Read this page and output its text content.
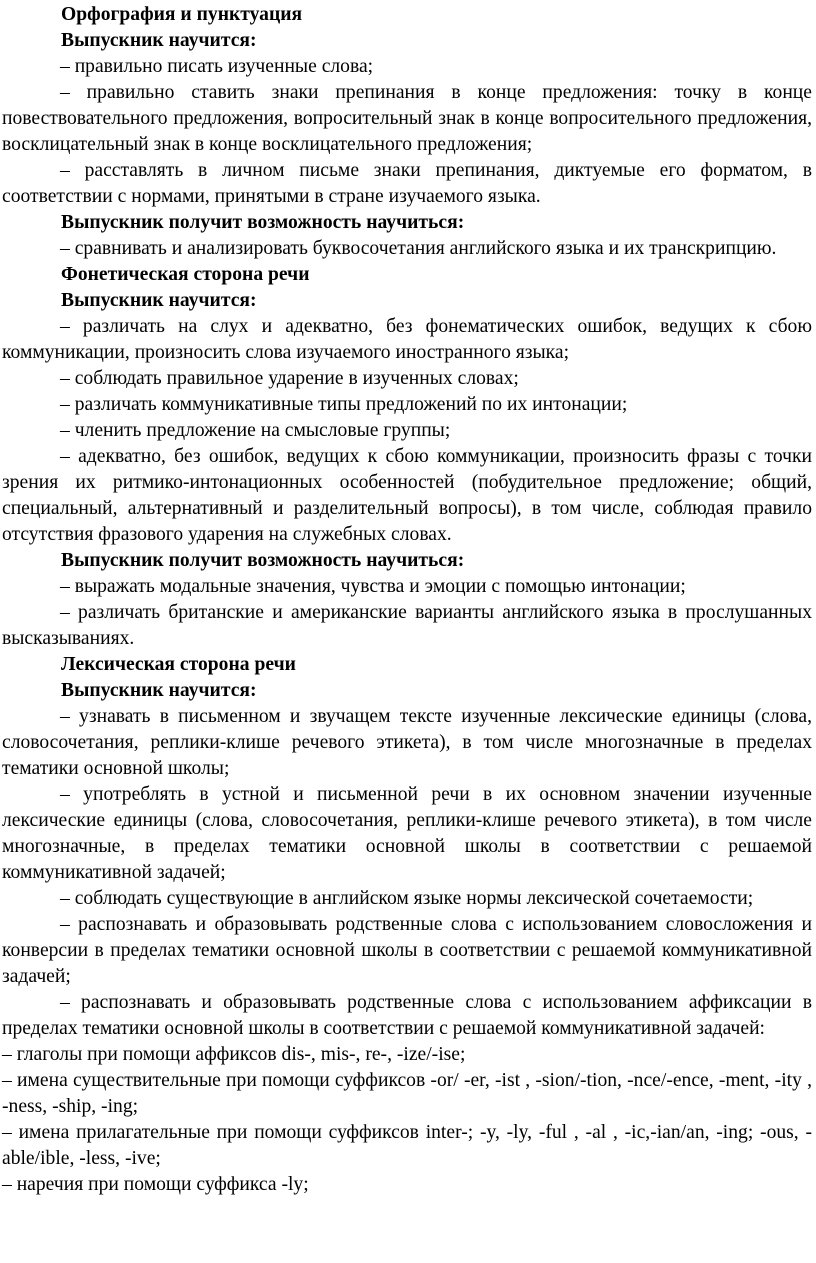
Орфография и пунктуация

Выпускник научится:

– правильно писать изученные слова;

– правильно ставить знаки препинания в конце предложения: точку в конце повествовательного предложения, вопросительный знак в конце вопросительного предложения, восклицательный знак в конце восклицательного предложения;

– расставлять в личном письме знаки препинания, диктуемые его форматом, в соответствии с нормами, принятыми в стране изучаемого языка.

Выпускник получит возможность научиться:

– сравнивать и анализировать буквосочетания английского языка и их транскрипцию.

Фонетическая сторона речи

Выпускник научится:

– различать на слух и адекватно, без фонематических ошибок, ведущих к сбою коммуникации, произносить слова изучаемого иностранного языка;

– соблюдать правильное ударение в изученных словах;

– различать коммуникативные типы предложений по их интонации;

– членить предложение на смысловые группы;

– адекватно, без ошибок, ведущих к сбою коммуникации, произносить фразы с точки зрения их ритмико-интонационных особенностей (побудительное предложение; общий, специальный, альтернативный и разделительный вопросы), в том числе, соблюдая правило отсутствия фразового ударения на служебных словах.

Выпускник получит возможность научиться:

– выражать модальные значения, чувства и эмоции с помощью интонации;

– различать британские и американские варианты английского языка в прослушанных высказываниях.

Лексическая сторона речи

Выпускник научится:

– узнавать в письменном и звучащем тексте изученные лексические единицы (слова, словосочетания, реплики-клише речевого этикета), в том числе многозначные в пределах тематики основной школы;

– употреблять в устной и письменной речи в их основном значении изученные лексические единицы (слова, словосочетания, реплики-клише речевого этикета), в том числе многозначные, в пределах тематики основной школы в соответствии с решаемой коммуникативной задачей;

– соблюдать существующие в английском языке нормы лексической сочетаемости;

– распознавать и образовывать родственные слова с использованием словосложения и конверсии в пределах тематики основной школы в соответствии с решаемой коммуникативной задачей;

– распознавать и образовывать родственные слова с использованием аффиксации в пределах тематики основной школы в соответствии с решаемой коммуникативной задачей:

– глаголы при помощи аффиксов dis-, mis-, re-, -ize/-ise;

– имена существительные при помощи суффиксов -or/ -er, -ist , -sion/-tion, -nce/-ence, -ment, -ity , -ness, -ship, -ing;

– имена прилагательные при помощи суффиксов inter-; -y, -ly, -ful , -al , -ic,-ian/an, -ing; -ous, -able/ible, -less, -ive;

– наречия при помощи суффикса -ly;
